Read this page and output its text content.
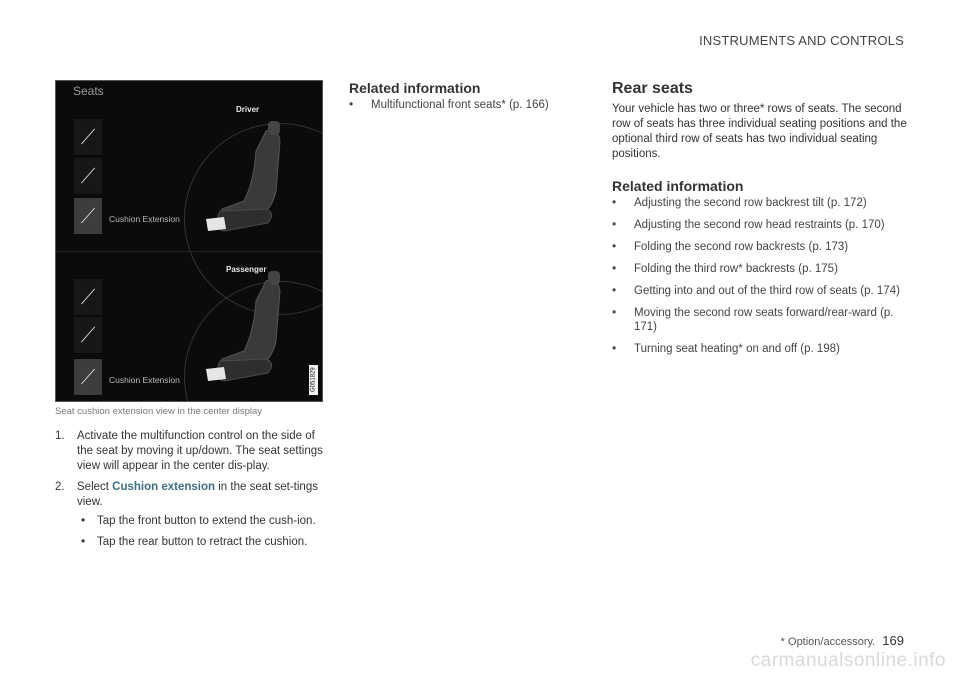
INSTRUMENTS AND CONTROLS
Seats
Driver
╱
╱
╱ Cushion Extension
Passenger
╱
╱
╱ Cushion Extension	G051829
Seat cushion extension view in the center display
1. Activate the multifunction control on the side of the seat by moving it up/down. The seat settings view will appear in the center dis-play.
2. Select Cushion extension in the seat set-tings view.
• Tap the front button to extend the cush-ion.
• Tap the rear button to retract the cushion.
Related information
• Multifunctional front seats* (p. 166)
Rear seats

Your vehicle has two or three* rows of seats. The second row of seats has three individual seating positions and the optional third row of seats has two individual seating positions.

Related information
• Adjusting the second row backrest tilt (p. 172)
• Adjusting the second row head restraints (p. 170)
• Folding the second row backrests (p. 173)
• Folding the third row* backrests (p. 175)
• Getting into and out of the third row of seats (p. 174)
• Moving the second row seats forward/rear-ward (p. 171)
• Turning seat heating* on and off (p. 198)
* Option/accessory. 169
carmanualsonline.info
